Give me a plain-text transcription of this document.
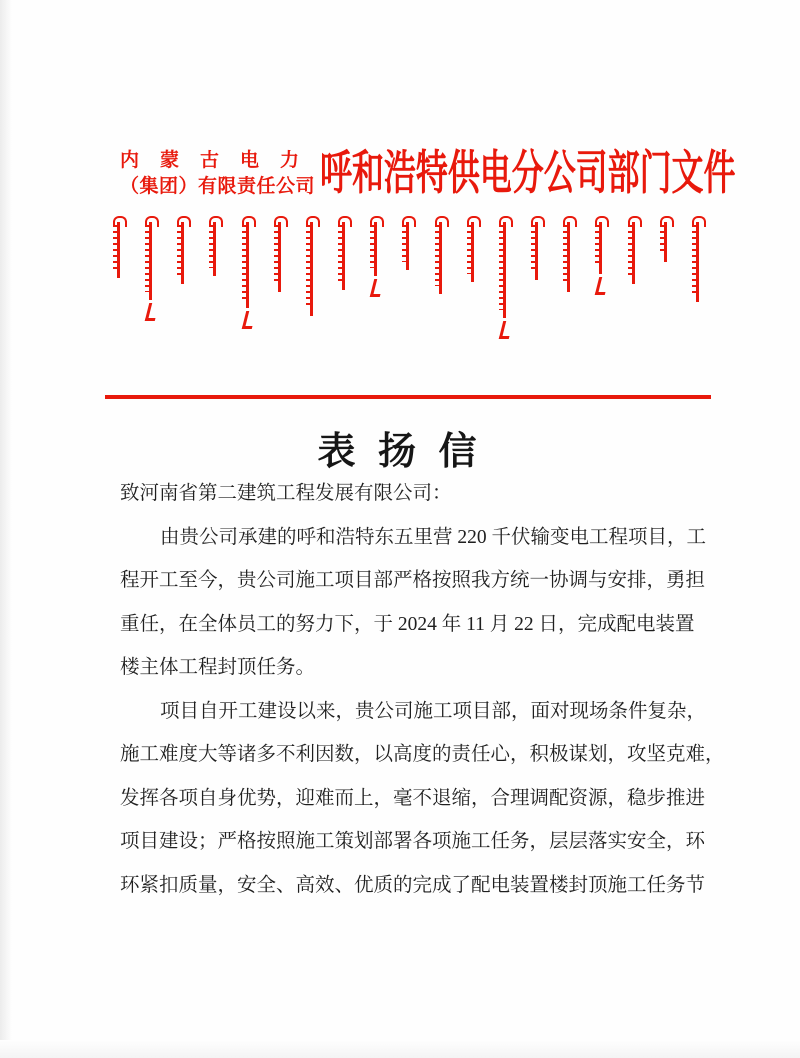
内蒙古电力
（集团）有限责任公司 呼和浩特供电分公司部门文件
表 扬 信
致河南省第二建筑工程发展有限公司：
由贵公司承建的呼和浩特东五里营 220 千伏输变电工程项目，工
程开工至今，贵公司施工项目部严格按照我方统一协调与安排，勇担
重任，在全体员工的努力下，于 2024 年 11 月 22 日，完成配电装置
楼主体工程封顶任务。
项目自开工建设以来，贵公司施工项目部，面对现场条件复杂，
施工难度大等诸多不利因数，以高度的责任心，积极谋划，攻坚克难，
发挥各项自身优势，迎难而上，毫不退缩，合理调配资源，稳步推进
项目建设；严格按照施工策划部署各项施工任务，层层落实安全，环
环紧扣质量，安全、高效、优质的完成了配电装置楼封顶施工任务节
